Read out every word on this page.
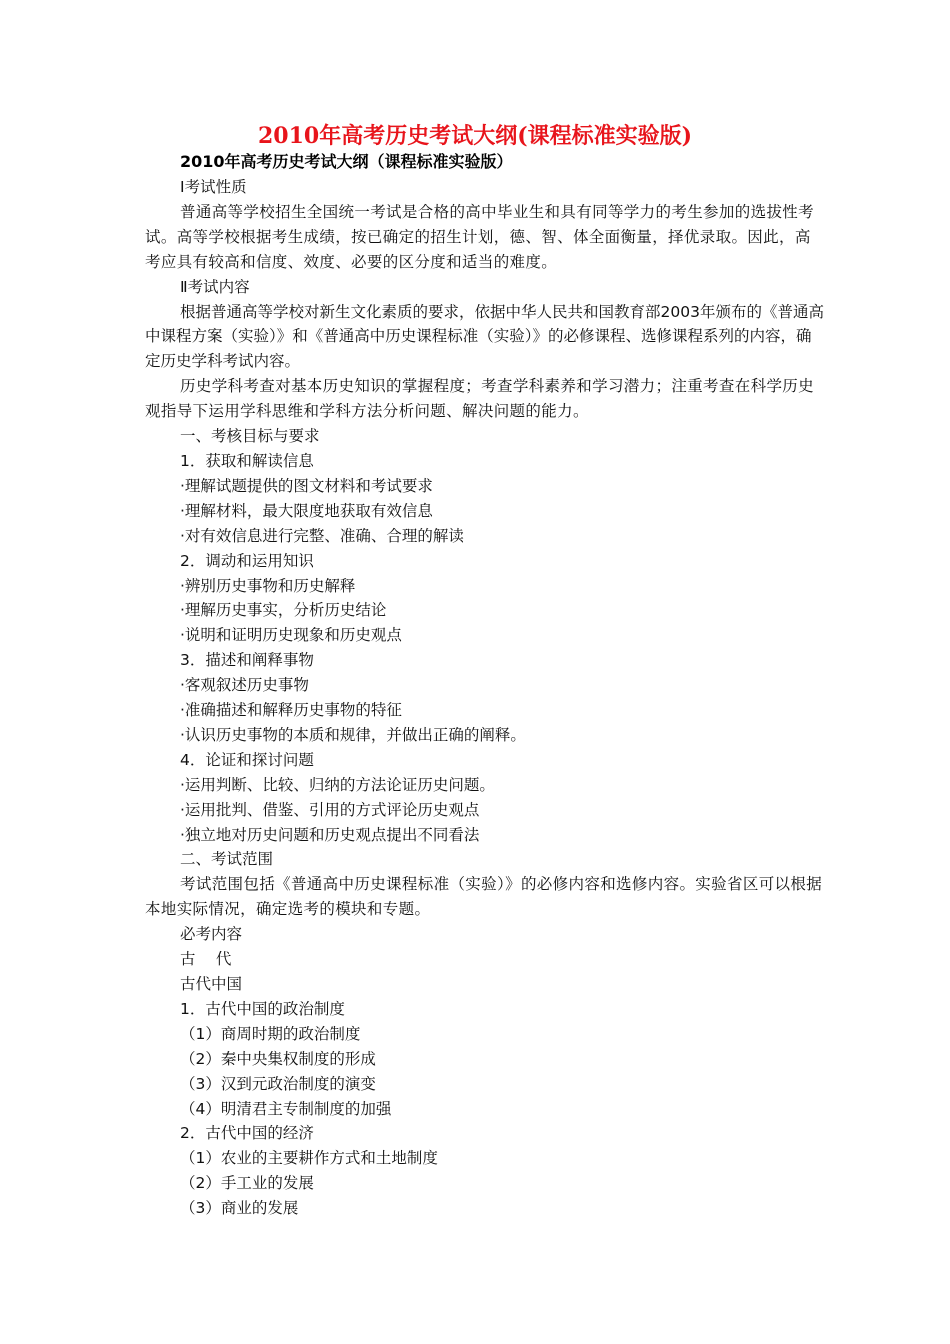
2010年高考历史考试大纲(课程标准实验版)
2010年高考历史考试大纲（课程标准实验版）

Ⅰ考试性质

普通高等学校招生全国统一考试是合格的高中毕业生和具有同等学力的考生参加的选拔性考试。高等学校根据考生成绩，按已确定的招生计划，德、智、体全面衡量，择优录取。因此，高考应具有较高和信度、效度、必要的区分度和适当的难度。

Ⅱ考试内容

根据普通高等学校对新生文化素质的要求，依据中华人民共和国教育部2003年颁布的《普通高中课程方案（实验）》和《普通高中历史课程标准（实验）》的必修课程、选修课程系列的内容，确定历史学科考试内容。

历史学科考查对基本历史知识的掌握程度；考查学科素养和学习潜力；注重考查在科学历史观指导下运用学科思维和学科方法分析问题、解决问题的能力。

一、考核目标与要求

1．获取和解读信息

·理解试题提供的图文材料和考试要求

·理解材料，最大限度地获取有效信息

·对有效信息进行完整、准确、合理的解读

2．调动和运用知识

·辨别历史事物和历史解释

·理解历史事实，分析历史结论

·说明和证明历史现象和历史观点

3．描述和阐释事物

·客观叙述历史事物

·准确描述和解释历史事物的特征

·认识历史事物的本质和规律，并做出正确的阐释。

4．论证和探讨问题

·运用判断、比较、归纳的方法论证历史问题。

·运用批判、借鉴、引用的方式评论历史观点

·独立地对历史问题和历史观点提出不同看法

二、考试范围

考试范围包括《普通高中历史课程标准（实验）》的必修内容和选修内容。实验省区可以根据本地实际情况，确定选考的模块和专题。

必考内容

古　 代

古代中国

1．古代中国的政治制度

（1）商周时期的政治制度

（2）秦中央集权制度的形成

（3）汉到元政治制度的演变

（4）明清君主专制制度的加强

2．古代中国的经济

（1）农业的主要耕作方式和土地制度

（2）手工业的发展

（3）商业的发展
